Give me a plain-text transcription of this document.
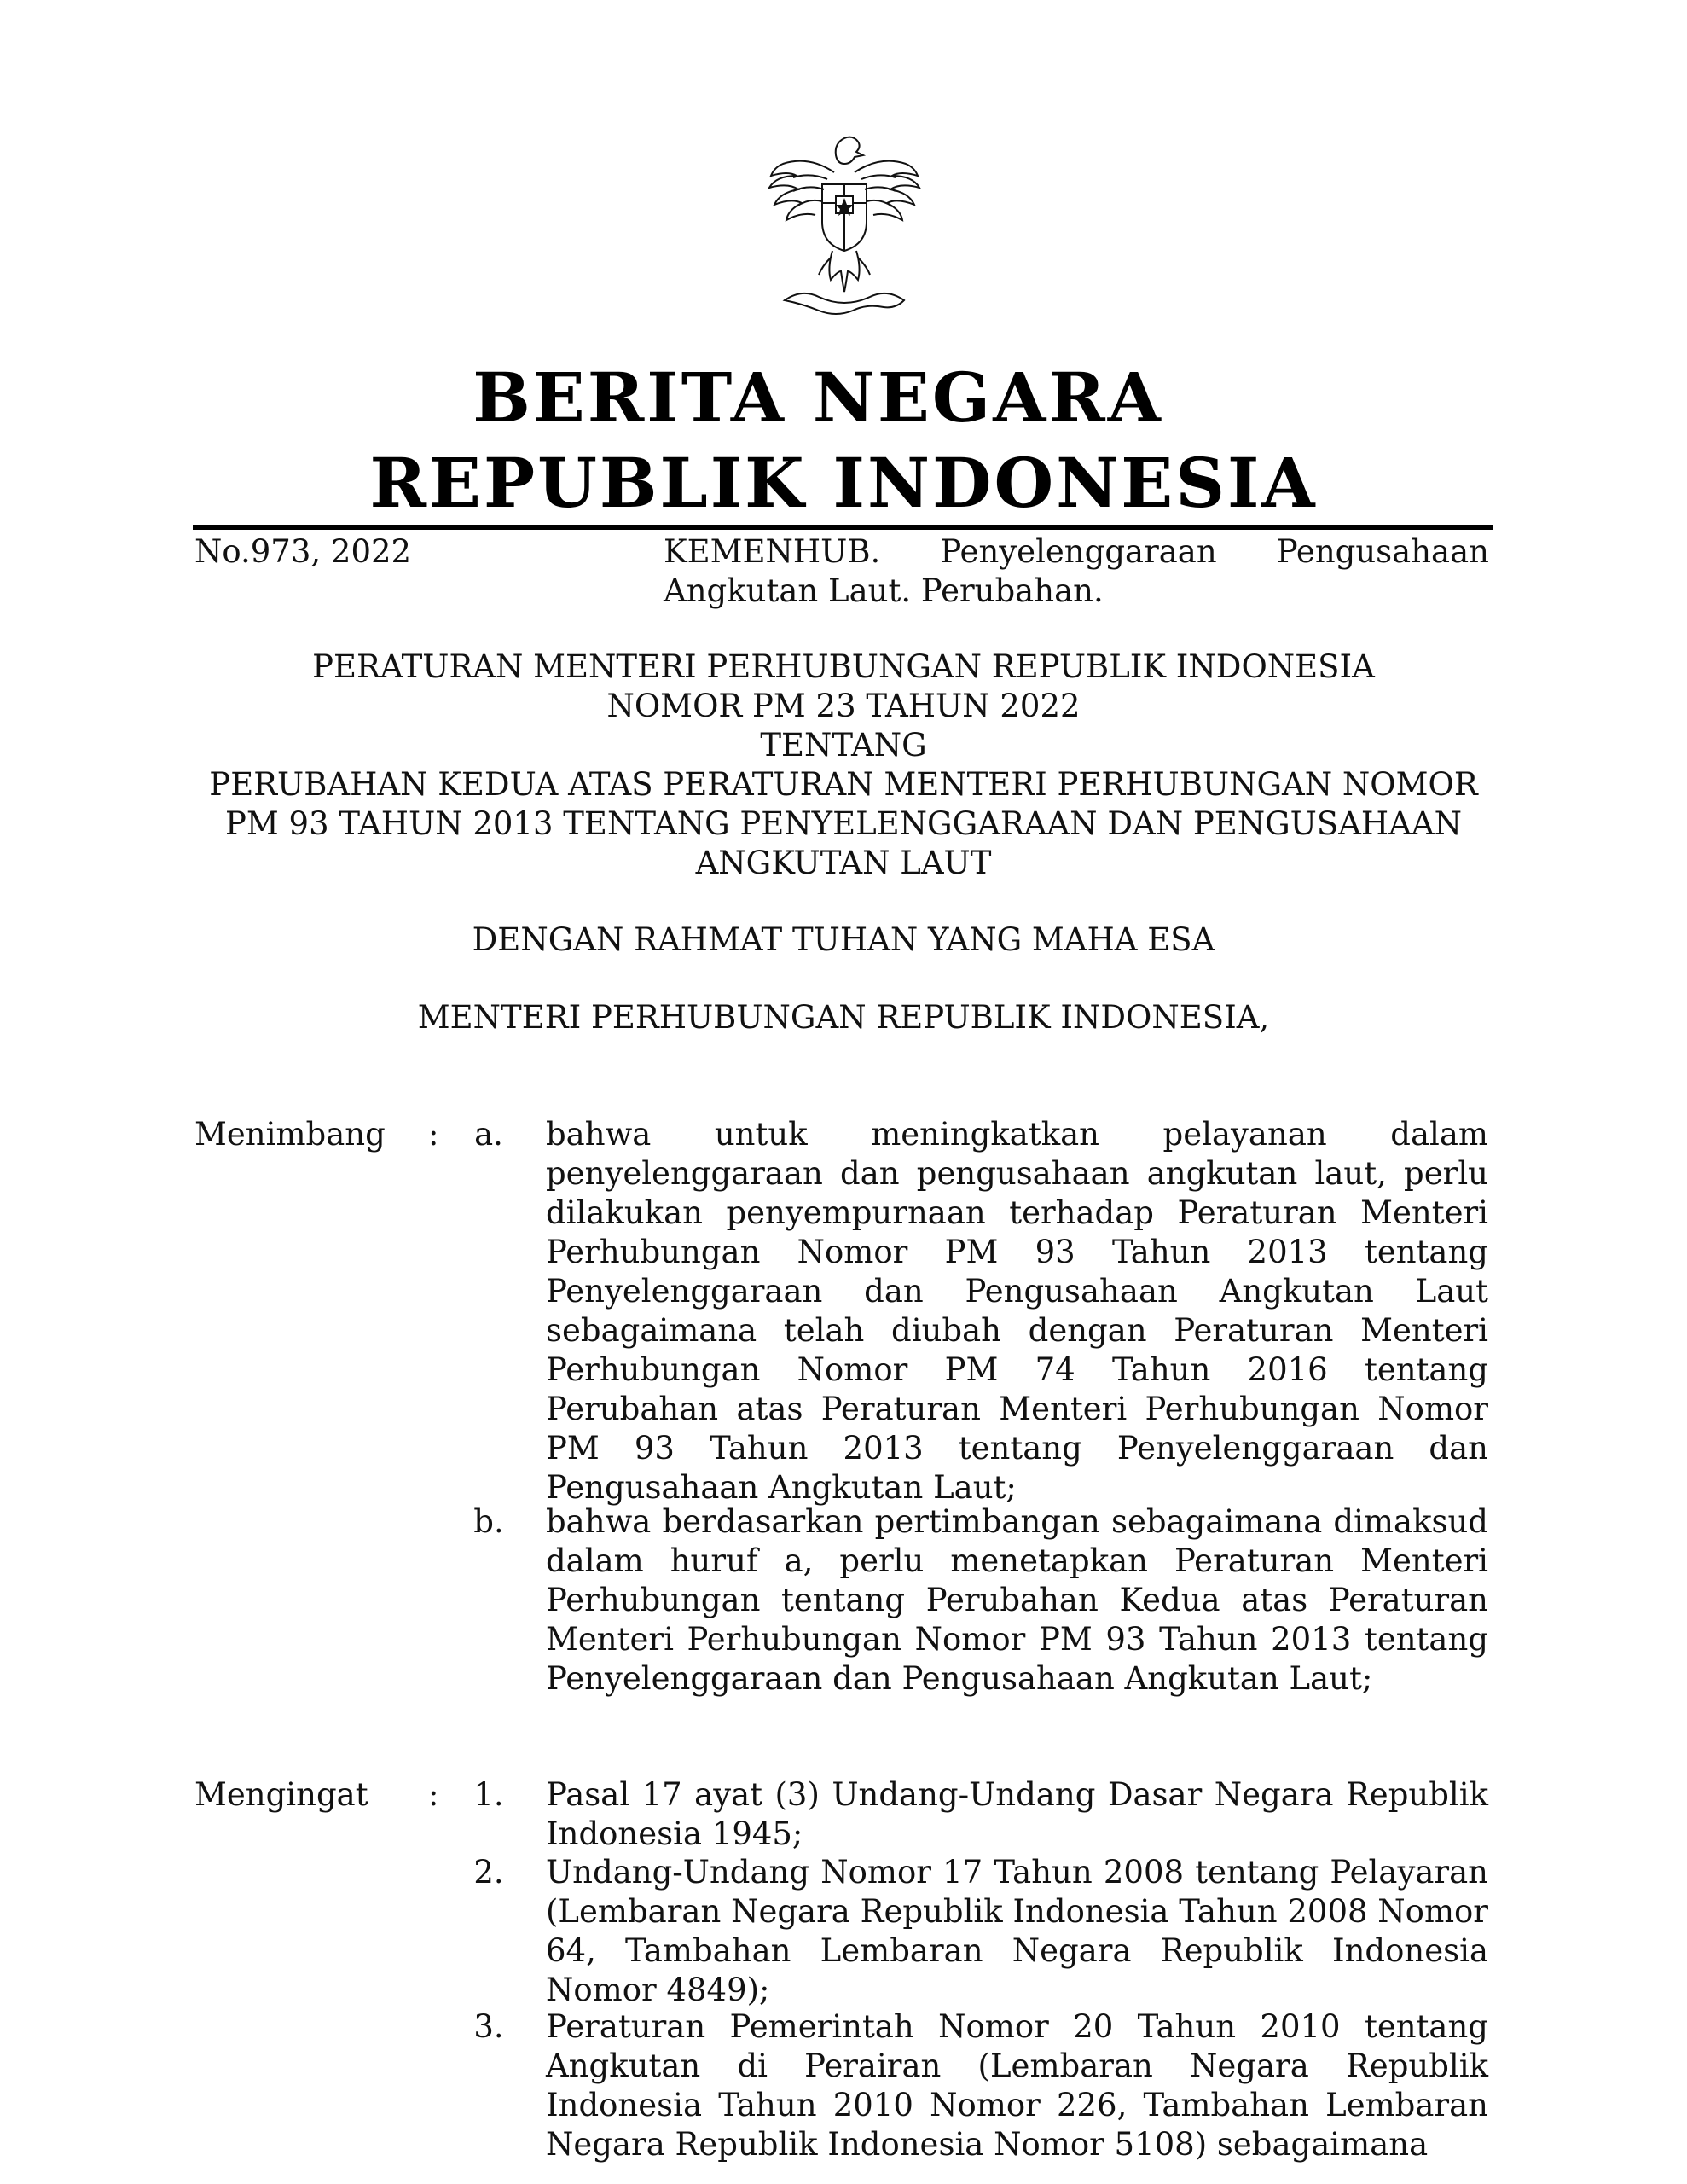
BERITA NEGARA
REPUBLIK INDONESIA
No.973, 2022	KEMENHUB. Penyelenggaraan Pengusahaan Angkutan Laut. Perubahan.
PERATURAN MENTERI PERHUBUNGAN REPUBLIK INDONESIA
NOMOR PM 23 TAHUN 2022
TENTANG
PERUBAHAN KEDUA ATAS PERATURAN MENTERI PERHUBUNGAN NOMOR
PM 93 TAHUN 2013 TENTANG PENYELENGGARAAN DAN PENGUSAHAAN
ANGKUTAN LAUT
DENGAN RAHMAT TUHAN YANG MAHA ESA
MENTERI PERHUBUNGAN REPUBLIK INDONESIA,
Menimbang : a. bahwa untuk meningkatkan pelayanan dalam penyelenggaraan dan pengusahaan angkutan laut, perlu dilakukan penyempurnaan terhadap Peraturan Menteri Perhubungan Nomor PM 93 Tahun 2013 tentang Penyelenggaraan dan Pengusahaan Angkutan Laut sebagaimana telah diubah dengan Peraturan Menteri Perhubungan Nomor PM 74 Tahun 2016 tentang Perubahan atas Peraturan Menteri Perhubungan Nomor PM 93 Tahun 2013 tentang Penyelenggaraan dan Pengusahaan Angkutan Laut;

b. bahwa berdasarkan pertimbangan sebagaimana dimaksud dalam huruf a, perlu menetapkan Peraturan Menteri Perhubungan tentang Perubahan Kedua atas Peraturan Menteri Perhubungan Nomor PM 93 Tahun 2013 tentang Penyelenggaraan dan Pengusahaan Angkutan Laut;

Mengingat : 1. Pasal 17 ayat (3) Undang-Undang Dasar Negara Republik Indonesia 1945;

2. Undang-Undang Nomor 17 Tahun 2008 tentang Pelayaran (Lembaran Negara Republik Indonesia Tahun 2008 Nomor 64, Tambahan Lembaran Negara Republik Indonesia Nomor 4849);

3. Peraturan Pemerintah Nomor 20 Tahun 2010 tentang Angkutan di Perairan (Lembaran Negara Republik Indonesia Tahun 2010 Nomor 226, Tambahan Lembaran Negara Republik Indonesia Nomor 5108) sebagaimana
